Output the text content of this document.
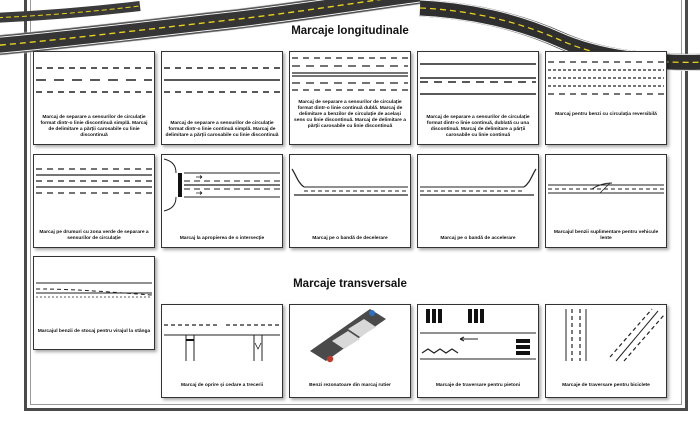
Marcaje longitudinale
Marcaj de separare a sensurilor de circulație format dintr-o linie discontinuă simplă. Marcaj de delimitare a părții carosabile cu linie discontinuă
Marcaj de separare a sensurilor de circulație format dintr-o linie continuă simplă. Marcaj de delimitare a părții carosabile cu linie discontinuă
Marcaj de separare a sensurilor de circulație format dintr-o linie continuă dublă. Marcaj de delimitare a benzilor de circulație de același sens cu linie discontinuă. Marcaj de delimitare a părții carosabile cu linie discontinuă
Marcaj de separare a sensurilor de circulație format dintr-o linie continuă, dublată cu una discontinuă. Marcaj de delimitare a părții carosabile cu linie continuă
Marcaj pentru benzi cu circulația reversibilă
Marcaj pe drumuri cu zona verde de separare a sensurilor de circulație	Marcaj la apropierea de o intersecție	Marcaj pe o bandă de decelerare	Marcaj pe o bandă de accelerare
Marcajul benzii suplimentare pentru vehicule lente
Marcajul benzii de stocaj pentru virajul la stânga
Marcaje transversale
Marcaj de oprire și cedare a trecerii	Benzi rezonatoare din marcaj rutier	Marcaje de traversare pentru pietoni	Marcaje de traversare pentru biciclete
